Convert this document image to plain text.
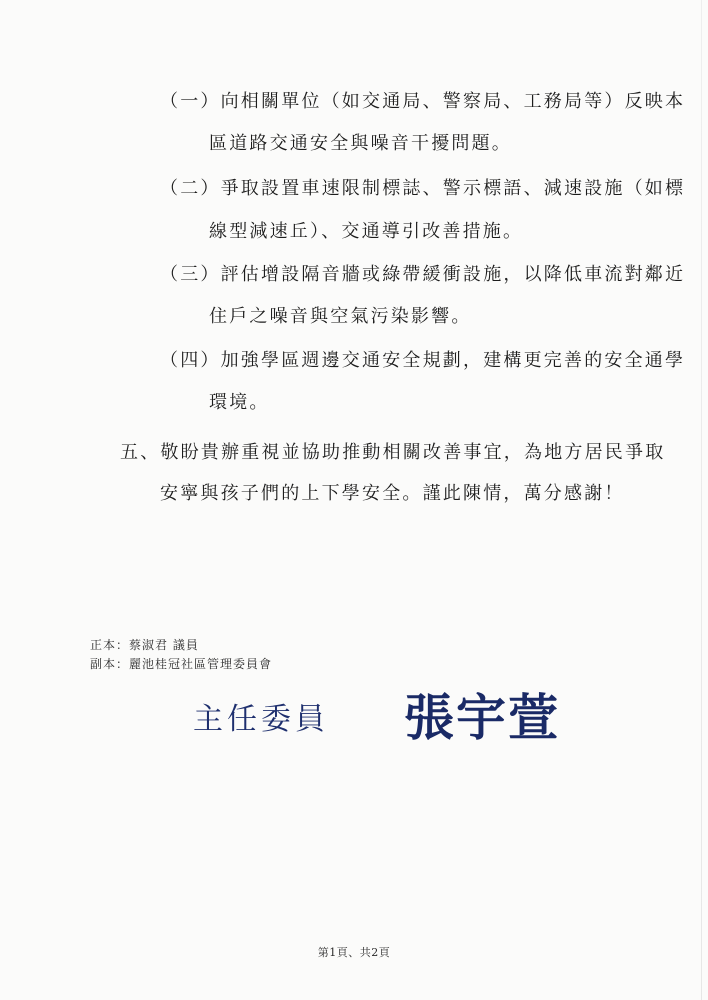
（一）向相關單位（如交通局、警察局、工務局等）反映本
區道路交通安全與噪音干擾問題。
（二）爭取設置車速限制標誌、警示標語、減速設施（如標
線型減速丘）、交通導引改善措施。
（三）評估增設隔音牆或綠帶緩衝設施，以降低車流對鄰近
住戶之噪音與空氣污染影響。
（四）加強學區週邊交通安全規劃，建構更完善的安全通學
環境。
五、敬盼貴辦重視並協助推動相關改善事宜，為地方居民爭取
安寧與孩子們的上下學安全。謹此陳情，萬分感謝！
正本：蔡淑君 議員
副本：麗池桂冠社區管理委員會
主任委員 張宇萱
第1頁、共2頁
